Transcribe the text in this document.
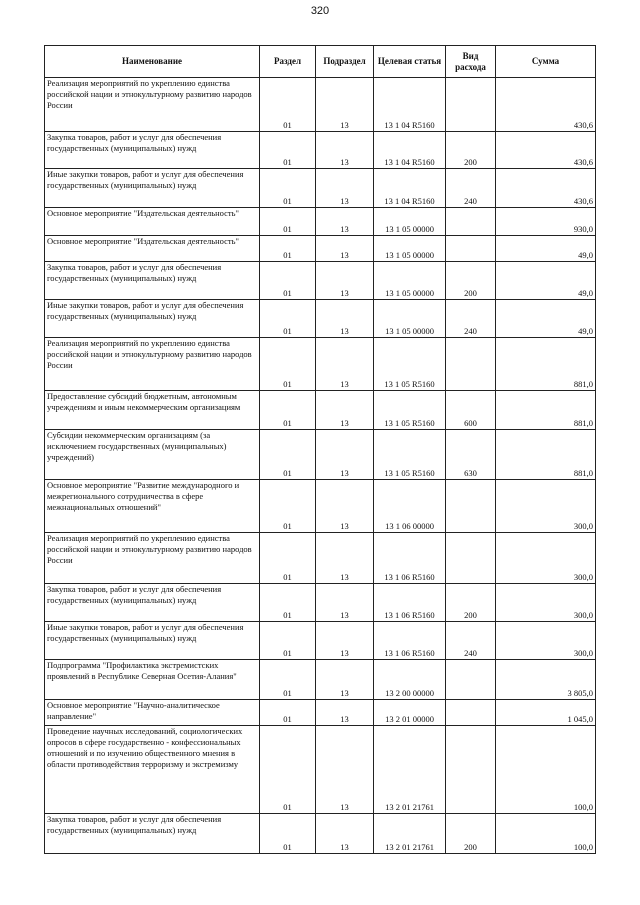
320
Наименование	Раздел	Подраздел	Целевая статья	Вид расхода	Сумма
Реализация мероприятий по укреплению единства российской нации и этнокультурному развитию народов России	01	13	13 1 04 R5160		430,6
Закупка товаров, работ и услуг для обеспечения государственных (муниципальных) нужд	01	13	13 1 04 R5160	200	430,6
Иные закупки товаров, работ и услуг для обеспечения государственных (муниципальных) нужд	01	13	13 1 04 R5160	240	430,6
Основное мероприятие "Издательская деятельность"	01	13	13 1 05 00000		930,0
Основное мероприятие "Издательская деятельность"	01	13	13 1 05 00000		49,0
Закупка товаров, работ и услуг для обеспечения государственных (муниципальных) нужд	01	13	13 1 05 00000	200	49,0
Иные закупки товаров, работ и услуг для обеспечения государственных (муниципальных) нужд	01	13	13 1 05 00000	240	49,0
Реализация мероприятий по укреплению единства российской нации и этнокультурному развитию народов России	01	13	13 1 05 R5160		881,0
Предоставление субсидий бюджетным, автономным учреждениям и иным некоммерческим организациям	01	13	13 1 05 R5160	600	881,0
Субсидии некоммерческим организациям (за исключением государственных (муниципальных) учреждений)	01	13	13 1 05 R5160	630	881,0
Основное мероприятие "Развитие международного и межрегионального сотрудничества в сфере межнациональных отношений"	01	13	13 1 06 00000		300,0
Реализация мероприятий по укреплению единства российской нации и этнокультурному развитию народов России	01	13	13 1 06 R5160		300,0
Закупка товаров, работ и услуг для обеспечения государственных (муниципальных) нужд	01	13	13 1 06 R5160	200	300,0
Иные закупки товаров, работ и услуг для обеспечения государственных (муниципальных) нужд	01	13	13 1 06 R5160	240	300,0
Подпрограмма "Профилактика экстремистских проявлений в Республике Северная Осетия-Алания"	01	13	13 2 00 00000		3 805,0
Основное мероприятие "Научно-аналитическое направление"	01	13	13 2 01 00000		1 045,0
Проведение научных исследований, социологических опросов в сфере государственно - конфессиональных отношений и по изучению общественного мнения в области противодействия терроризму и экстремизму	01	13	13 2 01 21761		100,0
Закупка товаров, работ и услуг для обеспечения государственных (муниципальных) нужд	01	13	13 2 01 21761	200	100,0
